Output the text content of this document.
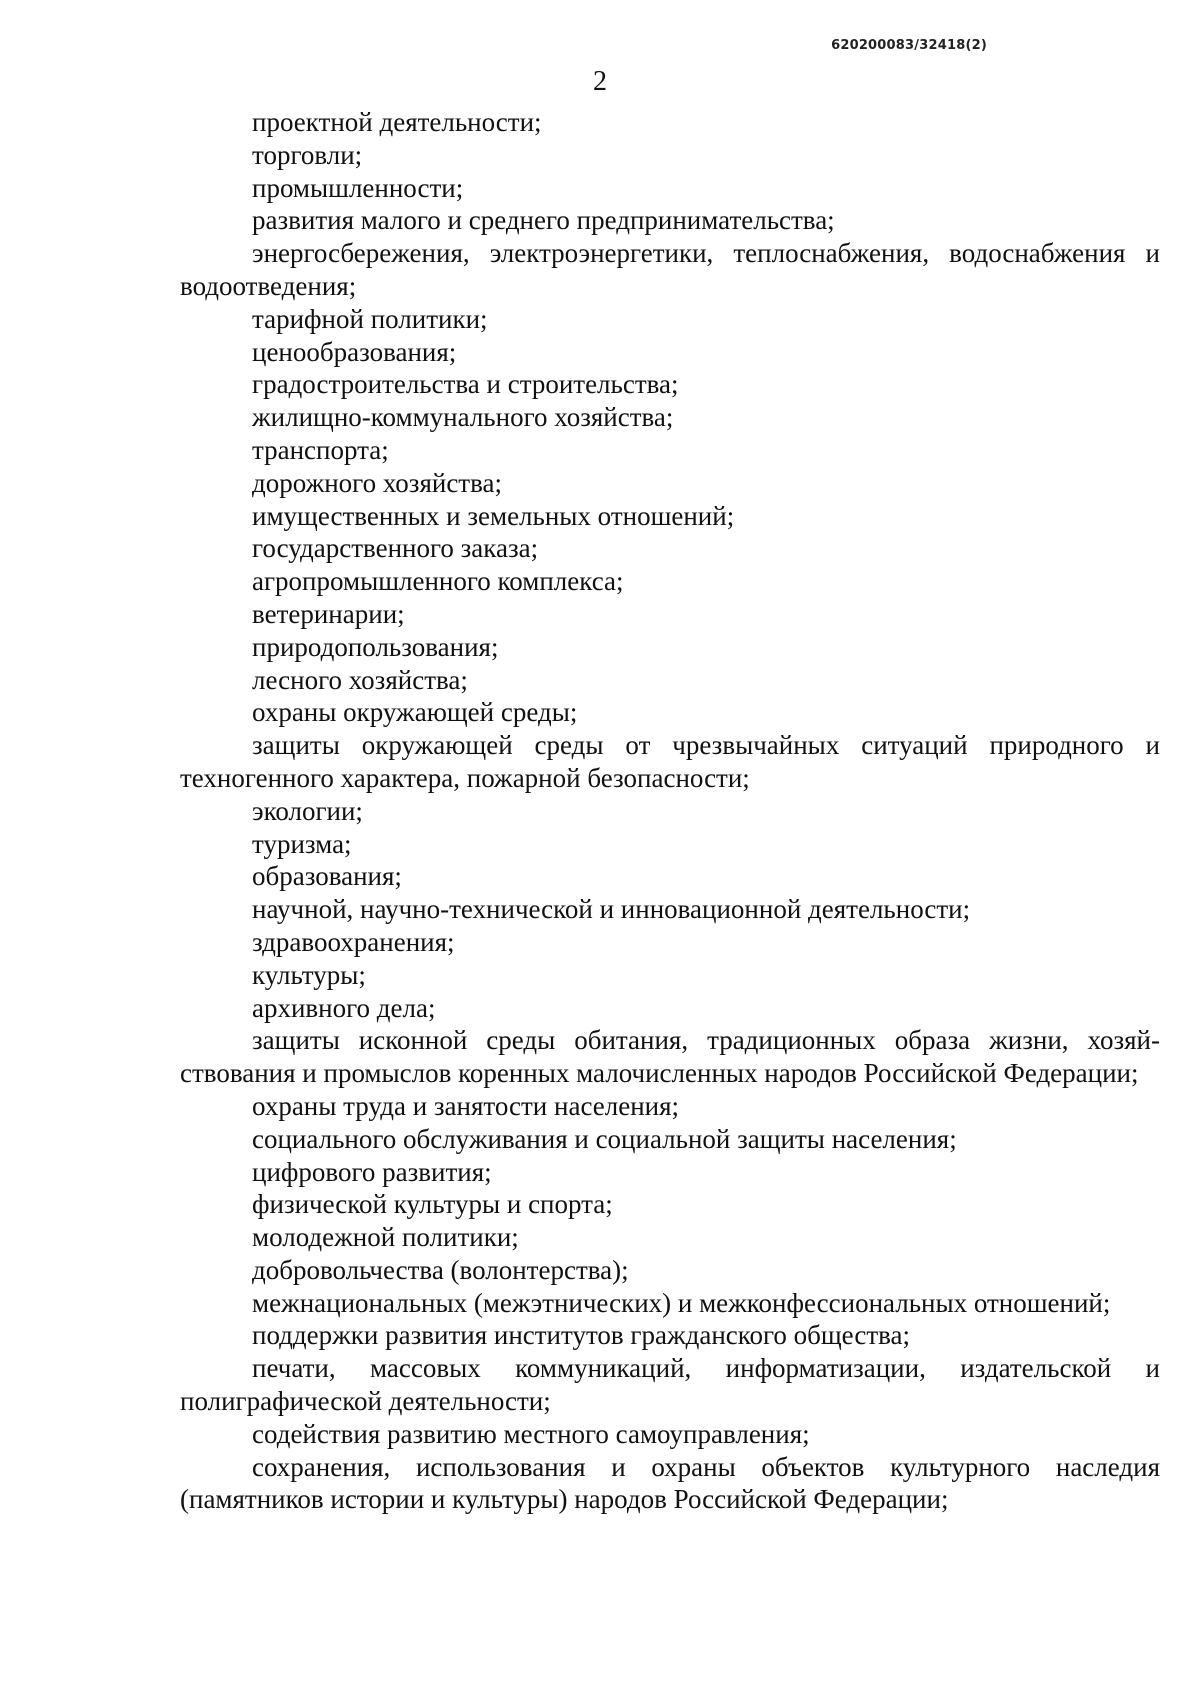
620200083/32418(2)
2

проектной деятельности;

торговли;

промышленности;

развития малого и среднего предпринимательства;

энергосбережения, электроэнергетики, теплоснабжения, водоснабжения и водоотведения;

тарифной политики;

ценообразования;

градостроительства и строительства;

жилищно-коммунального хозяйства;

транспорта;

дорожного хозяйства;

имущественных и земельных отношений;

государственного заказа;

агропромышленного комплекса;

ветеринарии;

природопользования;

лесного хозяйства;

охраны окружающей среды;

защиты окружающей среды от чрезвычайных ситуаций природного и техногенного характера, пожарной безопасности;

экологии;

туризма;

образования;

научной, научно-технической и инновационной деятельности;

здравоохранения;

культуры;

архивного дела;

защиты исконной среды обитания, традиционных образа жизни, хозяйствования и промыслов коренных малочисленных народов Российской Федерации;

охраны труда и занятости населения;

социального обслуживания и социальной защиты населения;

цифрового развития;

физической культуры и спорта;

молодежной политики;

добровольчества (волонтерства);

межнациональных (межэтнических) и межконфессиональных отношений;

поддержки развития институтов гражданского общества;

печати, массовых коммуникаций, информатизации, издательской и полиграфической деятельности;

содействия развитию местного самоуправления;

сохранения, использования и охраны объектов культурного наследия (памятников истории и культуры) народов Российской Федерации;
